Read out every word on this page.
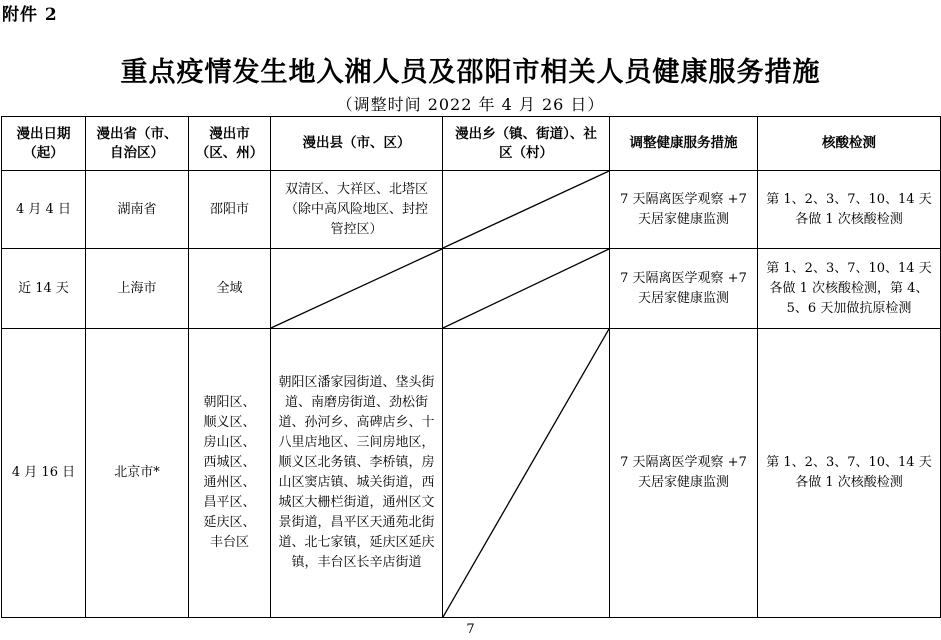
附件 2
重点疫情发生地入湘人员及邵阳市相关人员健康服务措施
（调整时间 2022 年 4 月 26 日）
漫出日期（起）	漫出省（市、自治区）	漫出市（区、州）	漫出县（市、区）	漫出乡（镇、街道）、社区（村）	调整健康服务措施	核酸检测
4 月 4 日	湖南省	邵阳市	双清区、大祥区、北塔区（除中高风险地区、封控管控区）		7 天隔离医学观察 +7 天居家健康监测	第 1、2、3、7、10、14 天各做 1 次核酸检测
近 14 天	上海市	全域			7 天隔离医学观察 +7 天居家健康监测	第 1、2、3、7、10、14 天各做 1 次核酸检测，第 4、5、6 天加做抗原检测
4 月 16 日	北京市*	朝阳区、顺义区、房山区、西城区、通州区、昌平区、延庆区、丰台区	朝阳区潘家园街道、垡头街道、南磨房街道、劲松街道、孙河乡、高碑店乡、十八里店地区、三间房地区，顺义区北务镇、李桥镇，房山区窦店镇、城关街道，西城区大栅栏街道，通州区文景街道，昌平区天通苑北街道、北七家镇，延庆区延庆镇，丰台区长辛店街道		7 天隔离医学观察 +7 天居家健康监测	第 1、2、3、7、10、14 天各做 1 次核酸检测
7
